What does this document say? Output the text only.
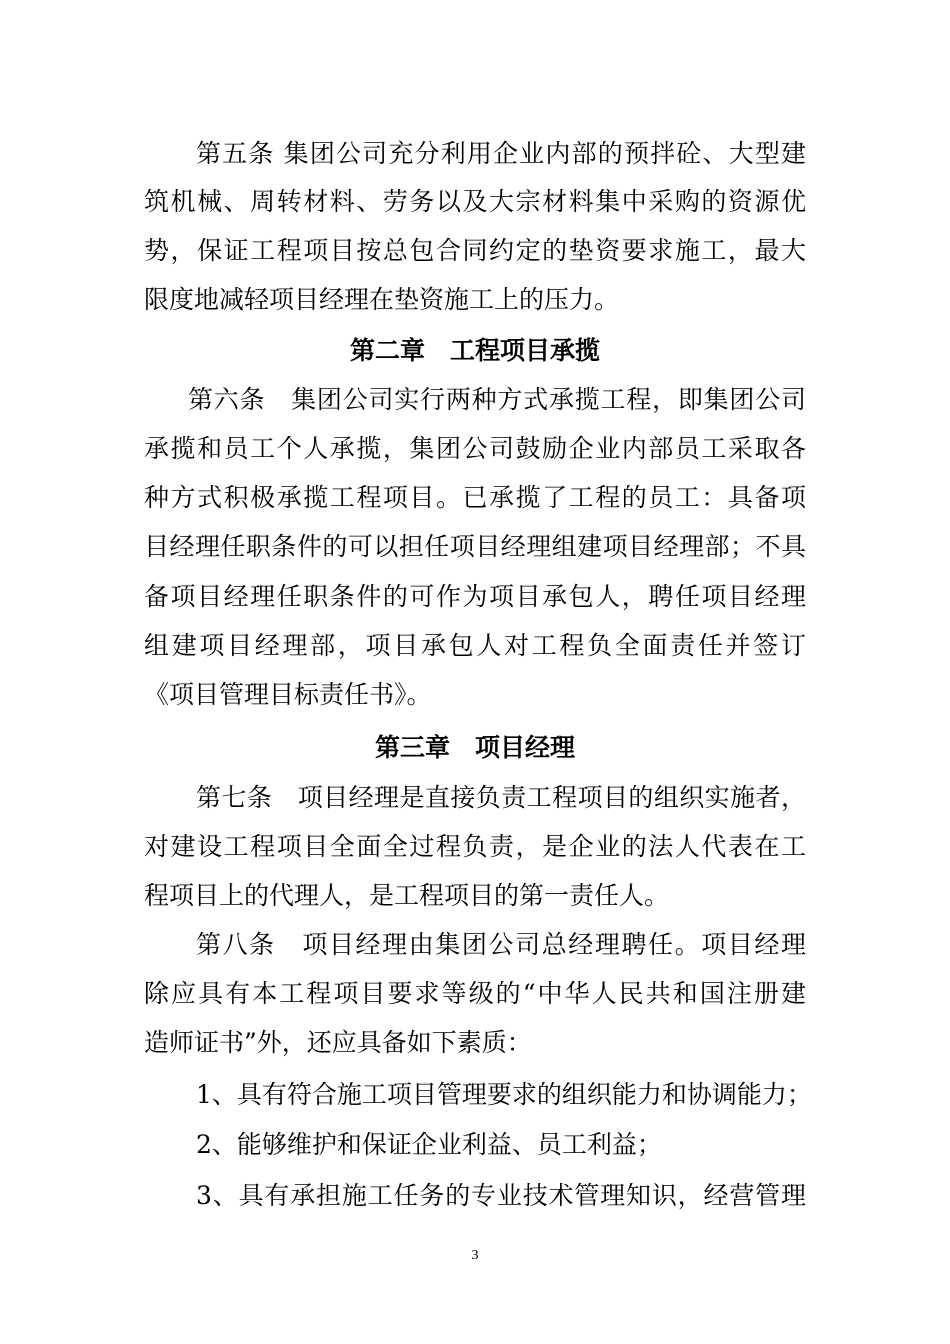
第五条 集团公司充分利用企业内部的预拌砼、大型建
筑机械、周转材料、劳务以及大宗材料集中采购的资源优
势，保证工程项目按总包合同约定的垫资要求施工，最大
限度地减轻项目经理在垫资施工上的压力。
第二章　工程项目承揽
第六条　集团公司实行两种方式承揽工程，即集团公司
承揽和员工个人承揽，集团公司鼓励企业内部员工采取各
种方式积极承揽工程项目。已承揽了工程的员工：具备项
目经理任职条件的可以担任项目经理组建项目经理部；不具
备项目经理任职条件的可作为项目承包人，聘任项目经理
组建项目经理部，项目承包人对工程负全面责任并签订
《项目管理目标责任书》。
第三章　项目经理
第七条　项目经理是直接负责工程项目的组织实施者，
对建设工程项目全面全过程负责，是企业的法人代表在工
程项目上的代理人，是工程项目的第一责任人。
第八条　项目经理由集团公司总经理聘任。项目经理
除应具有本工程项目要求等级的“中华人民共和国注册建
造师证书”外，还应具备如下素质：
1、具有符合施工项目管理要求的组织能力和协调能力；
2、能够维护和保证企业利益、员工利益；
3、具有承担施工任务的专业技术管理知识，经营管理
3
